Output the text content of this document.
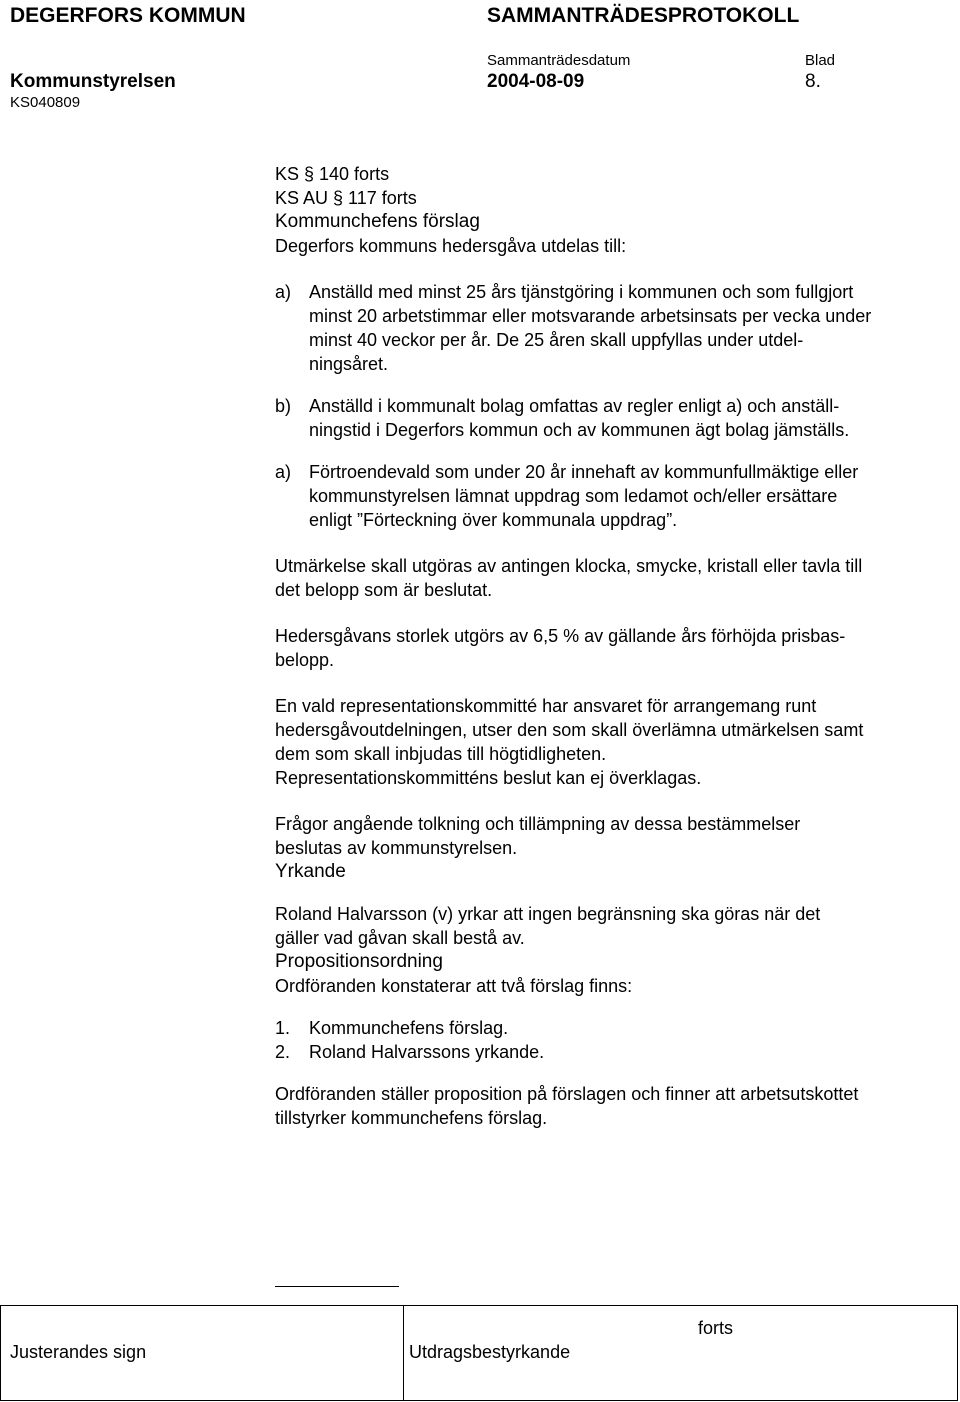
DEGERFORS KOMMUN	SAMMANTRÄDESPROTOKOLL
Sammanträdesdatum	Blad
Kommunstyrelsen	2004-08-09	8.
KS040809

KS § 140 forts

KS AU § 117 forts

Kommunchefens förslag

Degerfors kommuns hedersgåva utdelas till:

a) Anställd med minst 25 års tjänstgöring i kommunen och som fullgjort

minst 20 arbetstimmar eller motsvarande arbetsinsats per vecka under

minst 40 veckor per år. De 25 åren skall uppfyllas under utdel-

ningsåret.

b) Anställd i kommunalt bolag omfattas av regler enligt a) och anställ-

ningstid i Degerfors kommun och av kommunen ägt bolag jämställs.

a) Förtroendevald som under 20 år innehaft av kommunfullmäktige eller

kommunstyrelsen lämnat uppdrag som ledamot och/eller ersättare

enligt ”Förteckning över kommunala uppdrag”.

Utmärkelse skall utgöras av antingen klocka, smycke, kristall eller tavla till

det belopp som är beslutat.

Hedersgåvans storlek utgörs av 6,5 % av gällande års förhöjda prisbas-

belopp.

En vald representationskommitté har ansvaret för arrangemang runt

hedersgåvoutdelningen, utser den som skall överlämna utmärkelsen samt

dem som skall inbjudas till högtidligheten.

Representationskommitténs beslut kan ej överklagas.

Frågor angående tolkning och tillämpning av dessa bestämmelser

beslutas av kommunstyrelsen.

Yrkande

Roland Halvarsson (v) yrkar att ingen begränsning ska göras när det

gäller vad gåvan skall bestå av.

Propositionsordning

Ordföranden konstaterar att två förslag finns:

1.	Kommunchefens förslag.
2.	Roland Halvarssons yrkande.

Ordföranden ställer proposition på förslagen och finner att arbetsutskottet

tillstyrker kommunchefens förslag.

forts
Justerandes sign	Utdragsbestyrkande
